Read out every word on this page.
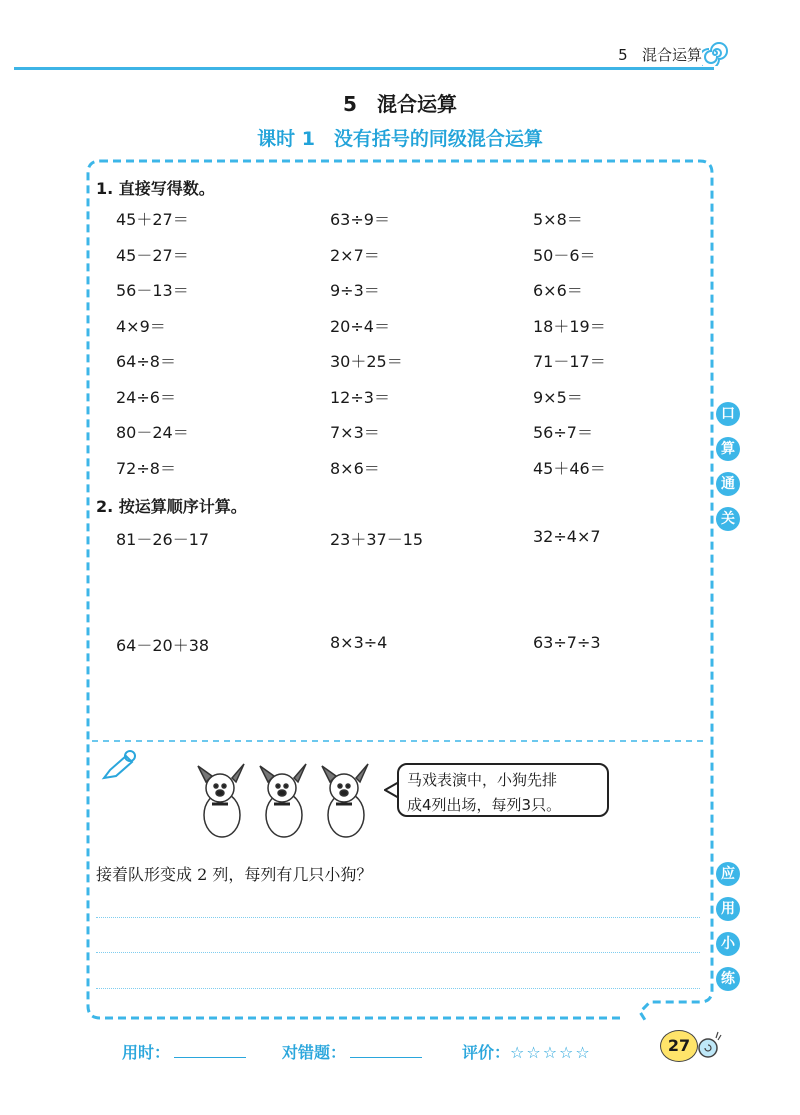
5 混合运算
5　混合运算
课时 1　没有括号的同级混合运算
1. 直接写得数。
45＋27＝	63÷9＝	5×8＝
45－27＝	2×7＝	50－6＝
56－13＝	9÷3＝	6×6＝
4×9＝	20÷4＝	18＋19＝
64÷8＝	30＋25＝	71－17＝
24÷6＝	12÷3＝	9×5＝
80－24＝	7×3＝	56÷7＝
72÷8＝	8×6＝	45＋46＝
2. 按运算顺序计算。
81－26－17	23＋37－15	32÷4×7
64－20＋38	8×3÷4	63÷7÷3
口
算
通
关
应
用
小
练
马戏表演中，小狗先排
成4列出场，每列3只。
接着队形变成 2 列，每列有几只小狗？
用时：	对错题：	评价：☆☆☆☆☆	27
